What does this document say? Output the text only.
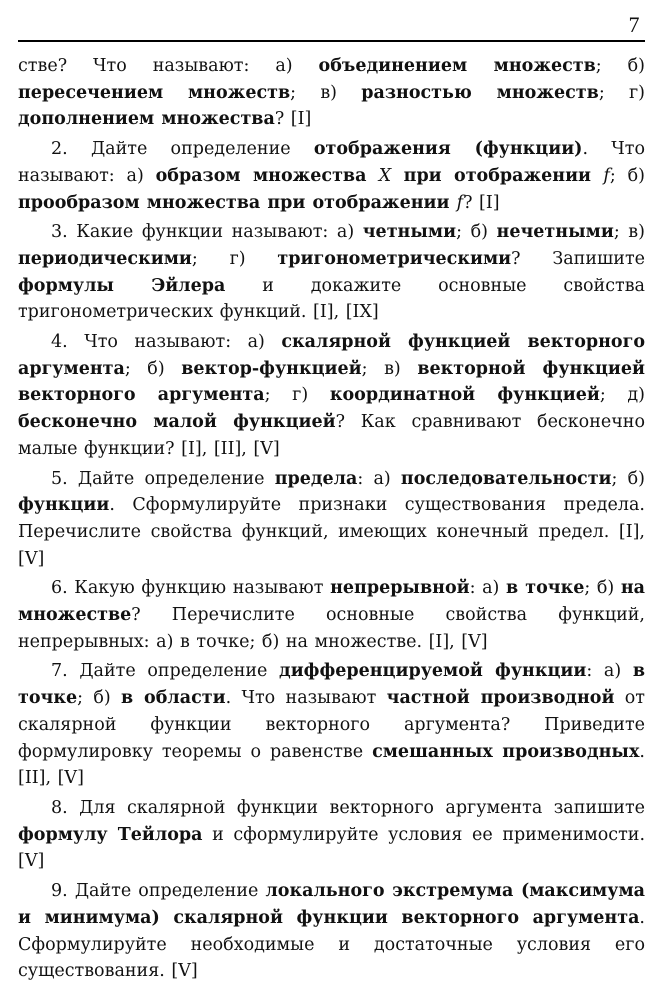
7

стве? Что называют: а) объединением множеств; б) пересечением множеств; в) разностью множеств; г) дополнением множества? [I]

2. Дайте определение отображения (функции). Что называют: а) образом множества X при отображении f; б) прообразом множества при отображении f? [I]

3. Какие функции называют: а) четными; б) нечетными; в) периодическими; г) тригонометрическими? Запишите формулы Эйлера и докажите основные свойства тригонометрических функций. [I], [IX]

4. Что называют: а) скалярной функцией векторного аргумента; б) вектор-функцией; в) векторной функцией векторного аргумента; г) координатной функцией; д) бесконечно малой функцией? Как сравнивают бесконечно малые функции? [I], [II], [V]

5. Дайте определение предела: а) последовательности; б) функции. Сформулируйте признаки существования предела. Перечислите свойства функций, имеющих конечный предел. [I], [V]

6. Какую функцию называют непрерывной: а) в точке; б) на множестве? Перечислите основные свойства функций, непрерывных: а) в точке; б) на множестве. [I], [V]

7. Дайте определение дифференцируемой функции: а) в точке; б) в области. Что называют частной производной от скалярной функции векторного аргумента? Приведите формулировку теоремы о равенстве смешанных производных. [II], [V]

8. Для скалярной функции векторного аргумента запишите формулу Тейлора и сформулируйте условия ее применимости. [V]

9. Дайте определение локального экстремума (максимума и минимума) скалярной функции векторного аргумента. Сформулируйте необходимые и достаточные условия его существования. [V]
